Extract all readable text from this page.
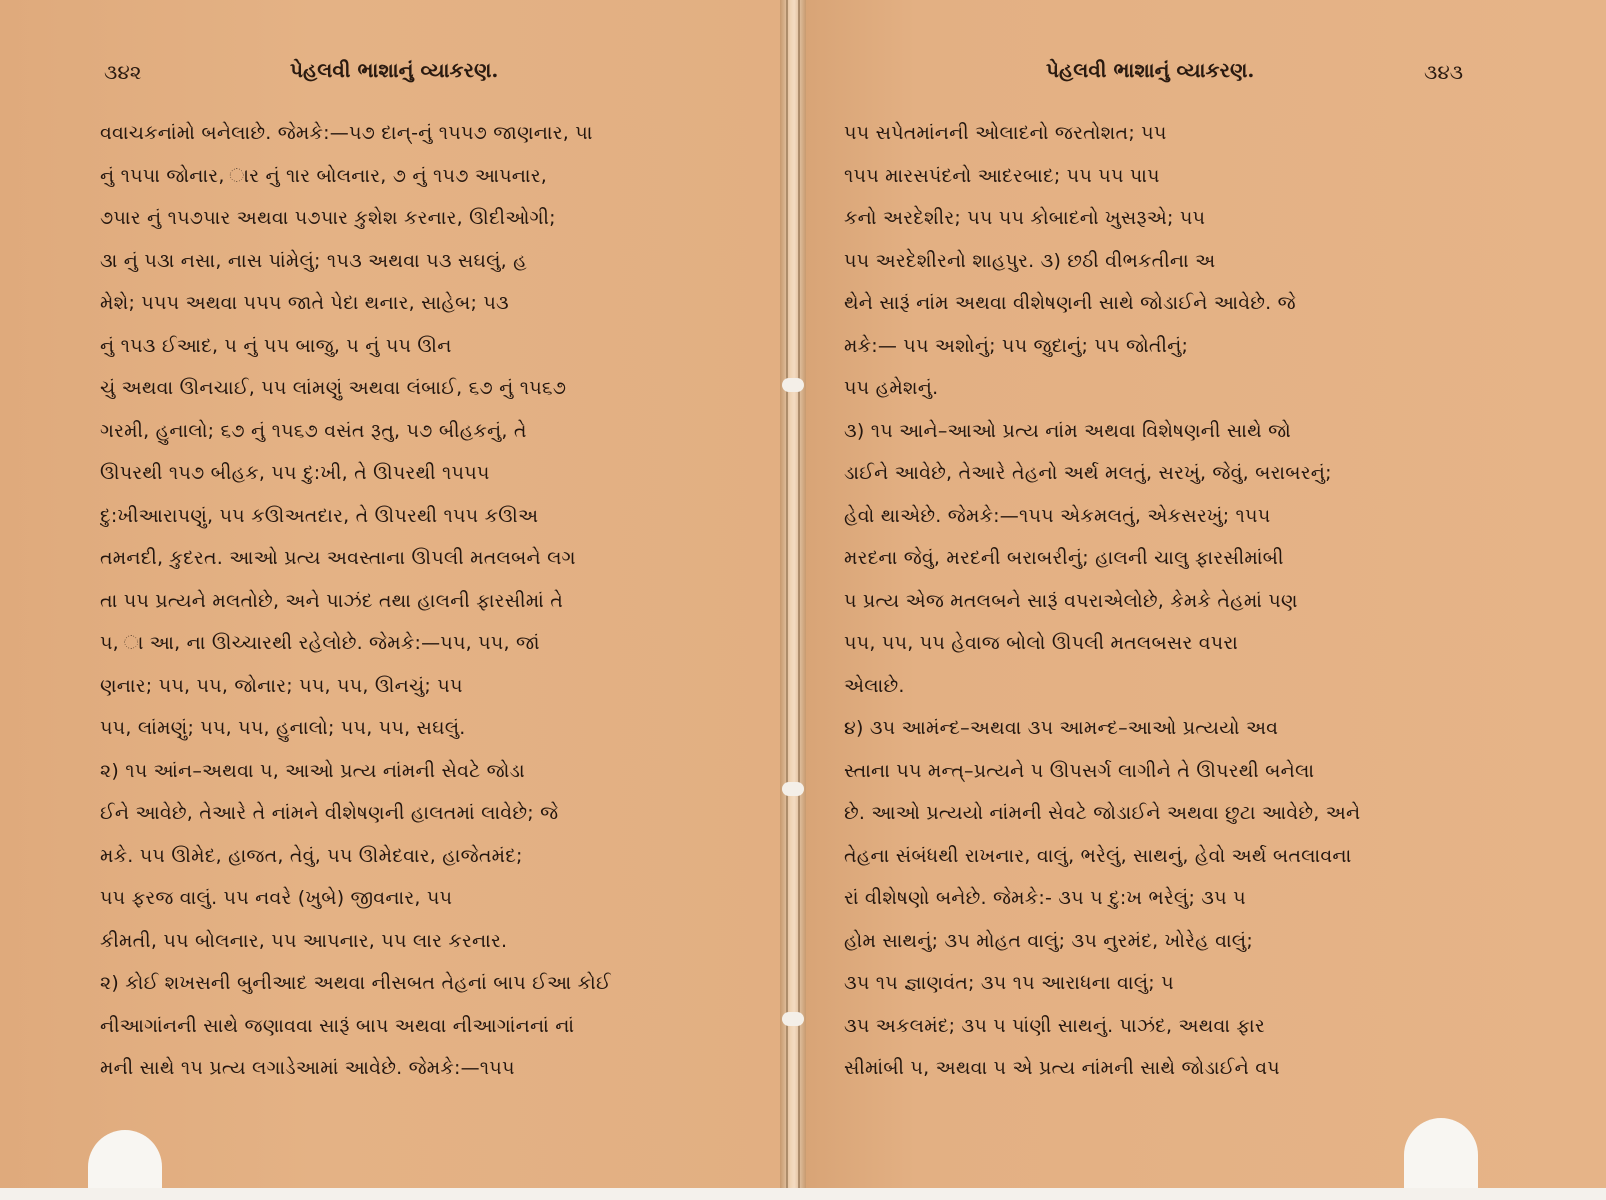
૩૪૨	પેહલવી ભાશાનું વ્યાકરણ.
વવાચકનાંમો બનેલાછે. જેમકે:—૫૭ દાન્-નું ૧૫૫૭ જાણનાર, ૫ા
નું ૧૫૫ા જોનાર, ાર નું ૧ાર બોલનાર, ૭ નું ૧૫૭ આપનાર,
૭૫ાર નું ૧૫૭૫ાર અથવા ૫૭૫ાર કુશેશ કરનાર, ઊદીઓગી;
૩ા નું ૫૩ા નસા, નાસ પાંમેલું; ૧૫૩ અથવા ૫૩ સઘલું, હ
મેશે; ૫૫૫ અથવા ૫૫૫ જાતે પેદા થનાર, સાહેબ; ૫૩
નું ૧૫૩ ઈઆદ, ૫ નું ૫૫ બાજુ, ૫ નું ૫૫ ઊન
ચું અથવા ઊનચાઈ, ૫૫ લાંમણું અથવા લંબાઈ, ૬૭ નું ૧૫૬૭
ગરમી, હુનાલો; ૬૭ નું ૧૫૬૭ વસંત રૂતુ, ૫૭ બીહકનું, તે
ઊપરથી ૧૫૭ બીહક, ૫૫ દુ:ખી, તે ઊપરથી ૧૫૫૫
દુ:ખીઆરાપણું, ૫૫ કઊઅતદાર, તે ઊપરથી ૧૫૫ કઊઅ
તમનદી, કુદરત. આઓ પ્રત્ય અવસ્તાના ઊપલી મતલબને લગ
તા ૫૫ પ્રત્યને મલતોછે, અને પાઝંદ તથા હાલની ફારસીમાં તે
૫, ા આ, ના ઊચ્ચારથી રહેલોછે. જેમકે:—૫૫, ૫૫, જાં
ણનાર; ૫૫, ૫૫, જોનાર; ૫૫, ૫૫, ઊનચું; ૫૫
૫૫, લાંમણું; ૫૫, ૫૫, હુનાલો; ૫૫, ૫૫, સઘલું.
૨) ૧૫ આંન–અથવા ૫, આઓ પ્રત્ય નાંમની સેવટે જોડા
ઈને આવેછે, તેઆરે તે નાંમને વીશેષણની હાલતમાં લાવેછે; જે
મકે. ૫૫ ઊમેદ, હાજત, તેવું, ૫૫ ઊમેદવાર, હાજેતમંદ;
૫૫ ફરજ વાલું. ૫૫ નવરે (ખુબે) જીવનાર, ૫૫
કીમતી, ૫૫ બોલનાર, ૫૫ આપનાર, ૫૫ લાર કરનાર.
૨) કોઈ શખસની બુનીઆદ અથવા નીસબત તેહનાં બાપ ઈઆ કોઈ
નીઆગાંનની સાથે જણાવવા સારૂં બાપ અથવા નીઆગાંનનાં નાં
મની સાથે ૧૫ પ્રત્ય લગાડેઆમાં આવેછે. જેમકે:—૧૫૫
પેહલવી ભાશાનું વ્યાકરણ.	૩૪૩
૫૫ સપેતમાંનની ઓલાદનો જરતોશત; ૫૫
૧૫૫ મારસપંદનો આદરબાદ; ૫૫ ૫૫ પાપ
કનો અરદેશીર; ૫૫ ૫૫ કોબાદનો ખુસરૂએ; ૫૫
૫૫ અરદેશીરનો શાહપુર. ૩) છઠી વીભકતીના અ
થેને સારૂં નાંમ અથવા વીશેષણની સાથે જોડાઈને આવેછે. જે
મકે:— ૫૫ અશોનું; ૫૫ જુદાનું; ૫૫ જોતીનું;
૫૫ હમેશનું.
૩) ૧૫ આને–આઓ પ્રત્ય નાંમ અથવા વિશેષણની સાથે જો
ડાઈને આવેછે, તેઆરે તેહનો અર્થ મલતું, સરખું, જેવું, બરાબરનું;
હેવો થાએછે. જેમકે:—૧૫૫ એકમલતું, એકસરખું; ૧૫૫
મરદના જેવું, મરદની બરાબરીનું; હાલની ચાલુ ફારસીમાંબી
૫ પ્રત્ય એજ મતલબને સારૂં વપરાએલોછે, કેમકે તેહમાં પણ
૫૫, ૫૫, ૫૫ હેવાજ બોલો ઊપલી મતલબસર વપરા
એલાછે.
૪) ૩૫ આમંન્દ–અથવા ૩૫ આમન્દ–આઓ પ્રત્યયો અવ
સ્તાના ૫૫ મન્ત્–પ્રત્યને ૫ ઊપસર્ગ લાગીને તે ઊપરથી બનેલા
છે. આઓ પ્રત્યયો નાંમની સેવટે જોડાઈને અથવા છુટા આવેછે, અને
તેહના સંબંધથી રાખનાર, વાલું, ભરેલું, સાથનું, હેવો અર્થ બતલાવના
રાં વીશેષણો બનેછે. જેમકે:- ૩૫ ૫ દુ:ખ ભરેલું; ૩૫ ૫
હોમ સાથનું; ૩૫ મોહત વાલું; ૩૫ નુરમંદ, ખોરેહ વાલું;
૩૫ ૧૫ જ્ઞાણવંત; ૩૫ ૧૫ આરાધના વાલું; ૫
૩૫ અકલમંદ; ૩૫ ૫ પાંણી સાથનું. પાઝંદ, અથવા ફાર
સીમાંબી ૫, અથવા ૫ એ પ્રત્ય નાંમની સાથે જોડાઈને વપ
